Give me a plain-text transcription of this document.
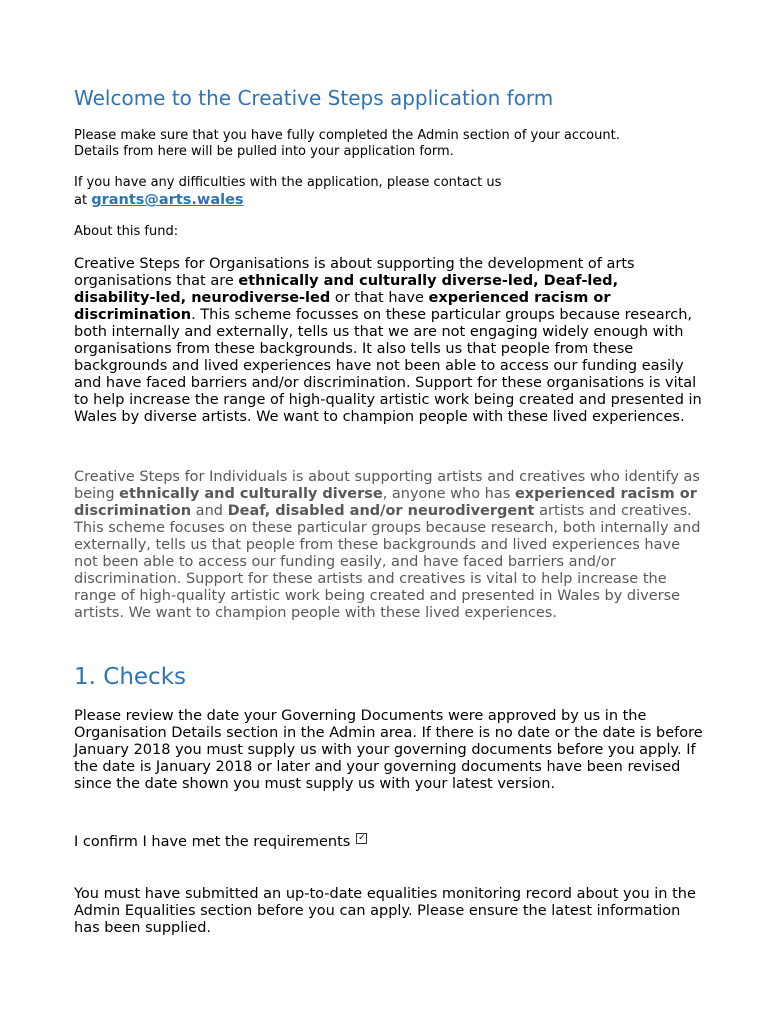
Welcome to the Creative Steps application form
Please make sure that you have fully completed the Admin section of your account.
Details from here will be pulled into your application form.
If you have any difficulties with the application, please contact us
at grants@arts.wales
About this fund:

Creative Steps for Organisations is about supporting the development of arts organisations that are ethnically and culturally diverse-led, Deaf-led, disability-led, neurodiverse-led or that have experienced racism or discrimination. This scheme focusses on these particular groups because research, both internally and externally, tells us that we are not engaging widely enough with organisations from these backgrounds. It also tells us that people from these backgrounds and lived experiences have not been able to access our funding easily and have faced barriers and/or discrimination. Support for these organisations is vital to help increase the range of high-quality artistic work being created and presented in Wales by diverse artists. We want to champion people with these lived experiences.

Creative Steps for Individuals is about supporting artists and creatives who identify as being ethnically and culturally diverse, anyone who has experienced racism or discrimination and Deaf, disabled and/or neurodivergent artists and creatives. This scheme focuses on these particular groups because research, both internally and externally, tells us that people from these backgrounds and lived experiences have not been able to access our funding easily, and have faced barriers and/or discrimination. Support for these artists and creatives is vital to help increase the range of high-quality artistic work being created and presented in Wales by diverse artists. We want to champion people with these lived experiences.

1. Checks

Please review the date your Governing Documents were approved by us in the Organisation Details section in the Admin area. If there is no date or the date is before January 2018 you must supply us with your governing documents before you apply. If the date is January 2018 or later and your governing documents have been revised since the date shown you must supply us with your latest version.

I confirm I have met the requirements ✓

You must have submitted an up-to-date equalities monitoring record about you in the Admin Equalities section before you can apply. Please ensure the latest information has been supplied.
